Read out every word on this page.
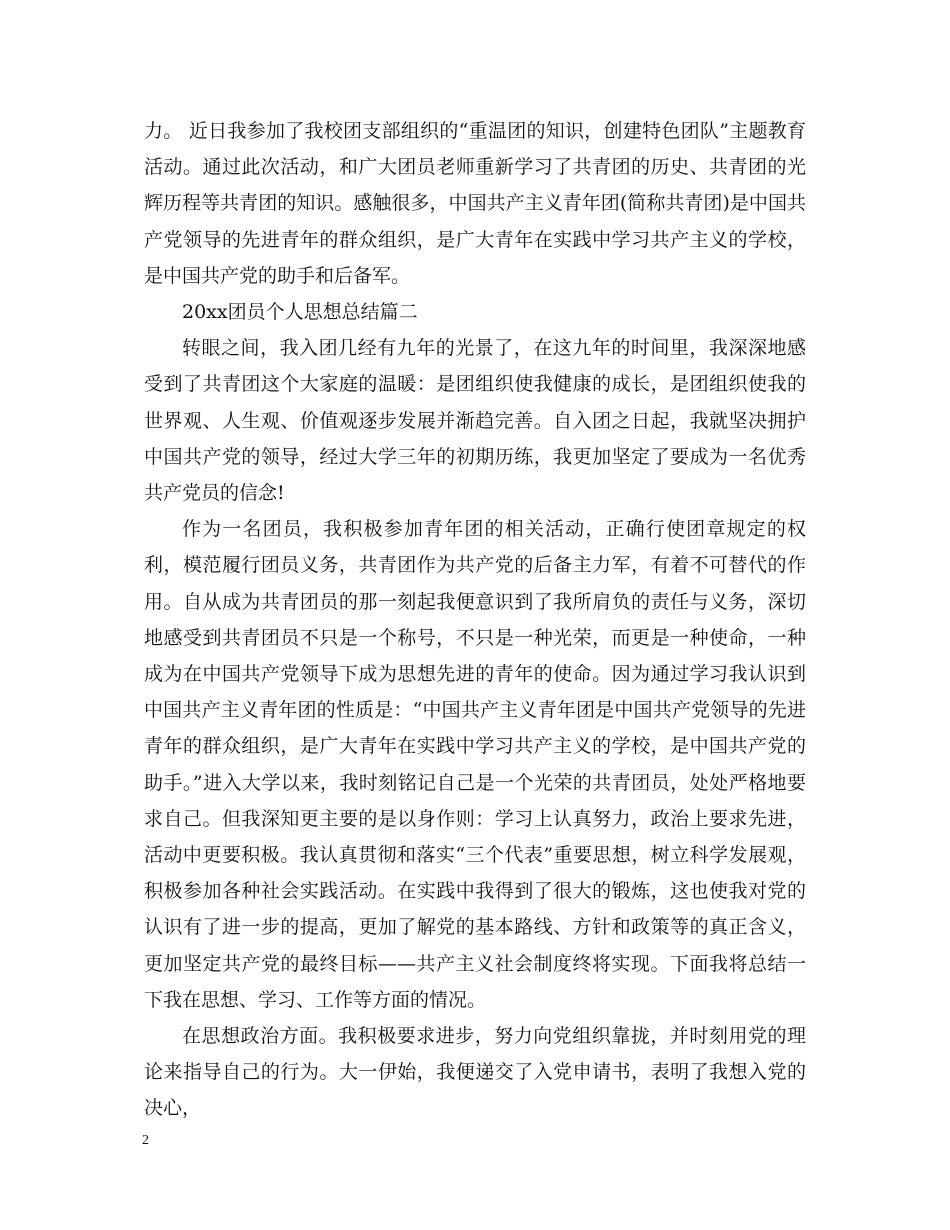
力。 近日我参加了我校团支部组织的“重温团的知识，创建特色团队”主题教育活动。通过此次活动，和广大团员老师重新学习了共青团的历史、共青团的光辉历程等共青团的知识。感触很多，中国共产主义青年团(简称共青团)是中国共产党领导的先进青年的群众组织，是广大青年在实践中学习共产主义的学校，是中国共产党的助手和后备军。

20xx团员个人思想总结篇二

转眼之间，我入团几经有九年的光景了，在这九年的时间里，我深深地感受到了共青团这个大家庭的温暖：是团组织使我健康的成长，是团组织使我的世界观、人生观、价值观逐步发展并渐趋完善。自入团之日起，我就坚决拥护中国共产党的领导，经过大学三年的初期历练，我更加坚定了要成为一名优秀共产党员的信念!

作为一名团员，我积极参加青年团的相关活动，正确行使团章规定的权利，模范履行团员义务，共青团作为共产党的后备主力军，有着不可替代的作用。自从成为共青团员的那一刻起我便意识到了我所肩负的责任与义务，深切地感受到共青团员不只是一个称号，不只是一种光荣，而更是一种使命，一种成为在中国共产党领导下成为思想先进的青年的使命。因为通过学习我认识到中国共产主义青年团的性质是：“中国共产主义青年团是中国共产党领导的先进青年的群众组织，是广大青年在实践中学习共产主义的学校，是中国共产党的助手。”进入大学以来，我时刻铭记自己是一个光荣的共青团员，处处严格地要求自己。但我深知更主要的是以身作则：学习上认真努力，政治上要求先进，活动中更要积极。我认真贯彻和落实“三个代表”重要思想，树立科学发展观，积极参加各种社会实践活动。在实践中我得到了很大的锻炼，这也使我对党的认识有了进一步的提高，更加了解党的基本路线、方针和政策等的真正含义，更加坚定共产党的最终目标——共产主义社会制度终将实现。下面我将总结一下我在思想、学习、工作等方面的情况。

在思想政治方面。我积极要求进步，努力向党组织靠拢，并时刻用党的理论来指导自己的行为。大一伊始，我便递交了入党申请书，表明了我想入党的决心，

2
